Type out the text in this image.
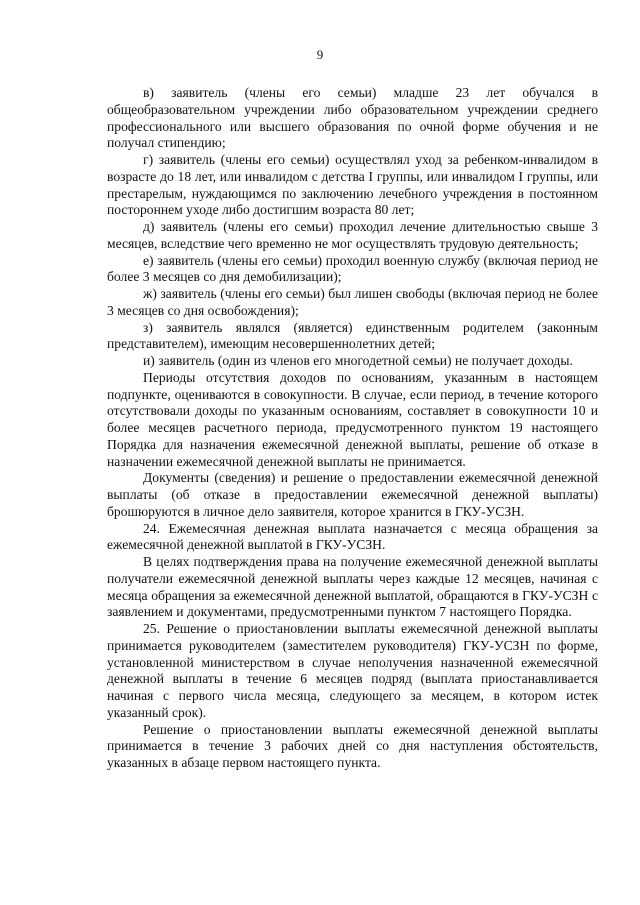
9

в) заявитель (члены его семьи) младше 23 лет обучался в общеобразовательном учреждении либо образовательном учреждении среднего профессионального или высшего образования по очной форме обучения и не получал стипендию;

г) заявитель (члены его семьи) осуществлял уход за ребенком-инвалидом в возрасте до 18 лет, или инвалидом с детства I группы, или инвалидом I группы, или престарелым, нуждающимся по заключению лечебного учреждения в постоянном постороннем уходе либо достигшим возраста 80 лет;

д) заявитель (члены его семьи) проходил лечение длительностью свыше 3 месяцев, вследствие чего временно не мог осуществлять трудовую деятельность;

е) заявитель (члены его семьи) проходил военную службу (включая период не более 3 месяцев со дня демобилизации);

ж) заявитель (члены его семьи) был лишен свободы (включая период не более 3 месяцев со дня освобождения);

з) заявитель являлся (является) единственным родителем (законным представителем), имеющим несовершеннолетних детей;

и) заявитель (один из членов его многодетной семьи) не получает доходы.

Периоды отсутствия доходов по основаниям, указанным в настоящем подпункте, оцениваются в совокупности. В случае, если период, в течение которого отсутствовали доходы по указанным основаниям, составляет в совокупности 10 и более месяцев расчетного периода, предусмотренного пунктом 19 настоящего Порядка для назначения ежемесячной денежной выплаты, решение об отказе в назначении ежемесячной денежной выплаты не принимается.

Документы (сведения) и решение о предоставлении ежемесячной денежной выплаты (об отказе в предоставлении ежемесячной денежной выплаты) брошюруются в личное дело заявителя, которое хранится в ГКУ-УСЗН.

24. Ежемесячная денежная выплата назначается с месяца обращения за ежемесячной денежной выплатой в ГКУ-УСЗН.

В целях подтверждения права на получение ежемесячной денежной выплаты получатели ежемесячной денежной выплаты через каждые 12 месяцев, начиная с месяца обращения за ежемесячной денежной выплатой, обращаются в ГКУ-УСЗН с заявлением и документами, предусмотренными пунктом 7 настоящего Порядка.

25. Решение о приостановлении выплаты ежемесячной денежной выплаты принимается руководителем (заместителем руководителя) ГКУ-УСЗН по форме, установленной министерством в случае неполучения назначенной ежемесячной денежной выплаты в течение 6 месяцев подряд (выплата приостанавливается начиная с первого числа месяца, следующего за месяцем, в котором истек указанный срок).

Решение о приостановлении выплаты ежемесячной денежной выплаты принимается в течение 3 рабочих дней со дня наступления обстоятельств, указанных в абзаце первом настоящего пункта.
